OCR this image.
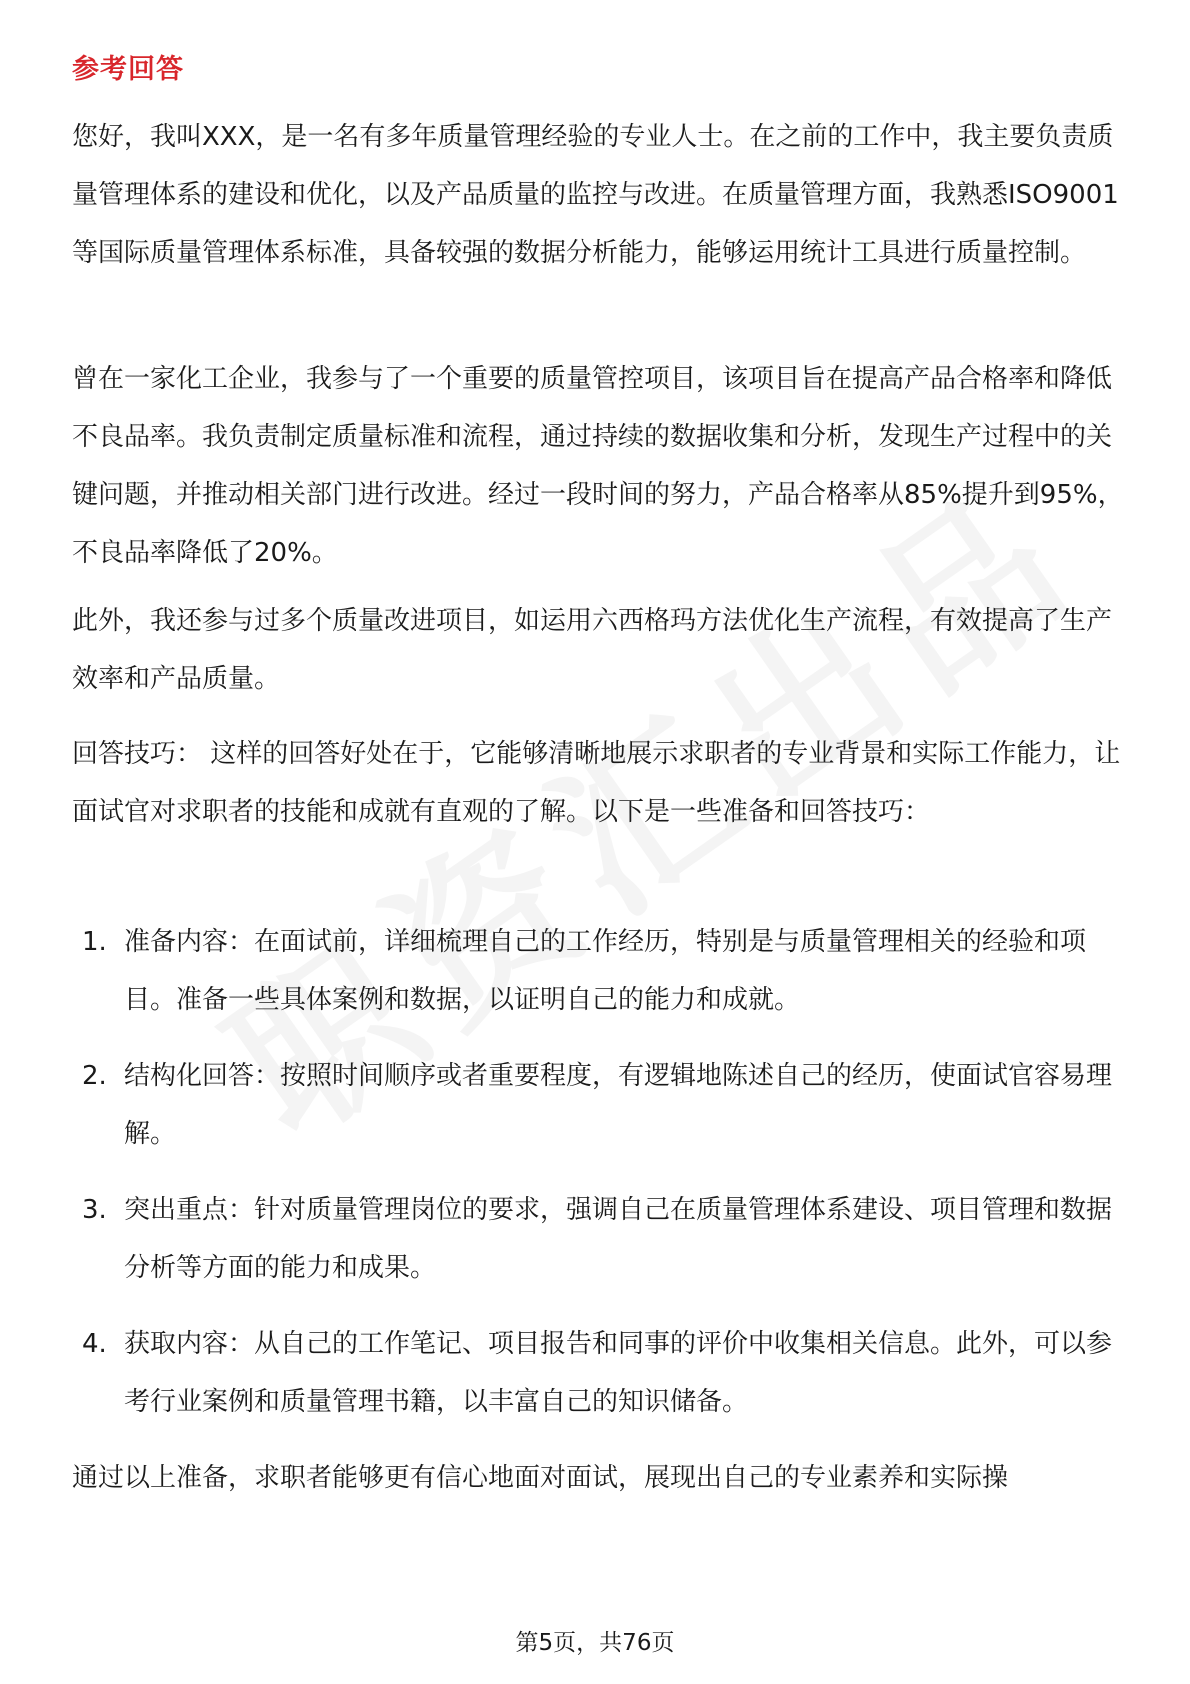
参考回答

您好，我叫XXX，是一名有多年质量管理经验的专业人士。在之前的工作中，我主要负责质量管理体系的建设和优化，以及产品质量的监控与改进。在质量管理方面，我熟悉ISO9001等国际质量管理体系标准，具备较强的数据分析能力，能够运用统计工具进行质量控制。

曾在一家化工企业，我参与了一个重要的质量管控项目，该项目旨在提高产品合格率和降低不良品率。我负责制定质量标准和流程，通过持续的数据收集和分析，发现生产过程中的关键问题，并推动相关部门进行改进。经过一段时间的努力，产品合格率从85%提升到95%，不良品率降低了20%。

此外，我还参与过多个质量改进项目，如运用六西格玛方法优化生产流程，有效提高了生产效率和产品质量。

回答技巧： 这样的回答好处在于，它能够清晰地展示求职者的专业背景和实际工作能力，让面试官对求职者的技能和成就有直观的了解。以下是一些准备和回答技巧：

1. 准备内容：在面试前，详细梳理自己的工作经历，特别是与质量管理相关的经验和项目。准备一些具体案例和数据，以证明自己的能力和成就。
2. 结构化回答：按照时间顺序或者重要程度，有逻辑地陈述自己的经历，使面试官容易理解。
3. 突出重点：针对质量管理岗位的要求，强调自己在质量管理体系建设、项目管理和数据分析等方面的能力和成果。
4. 获取内容：从自己的工作笔记、项目报告和同事的评价中收集相关信息。此外，可以参考行业案例和质量管理书籍，以丰富自己的知识储备。

通过以上准备，求职者能够更有信心地面对面试，展现出自己的专业素养和实际操

第5页，共76页
